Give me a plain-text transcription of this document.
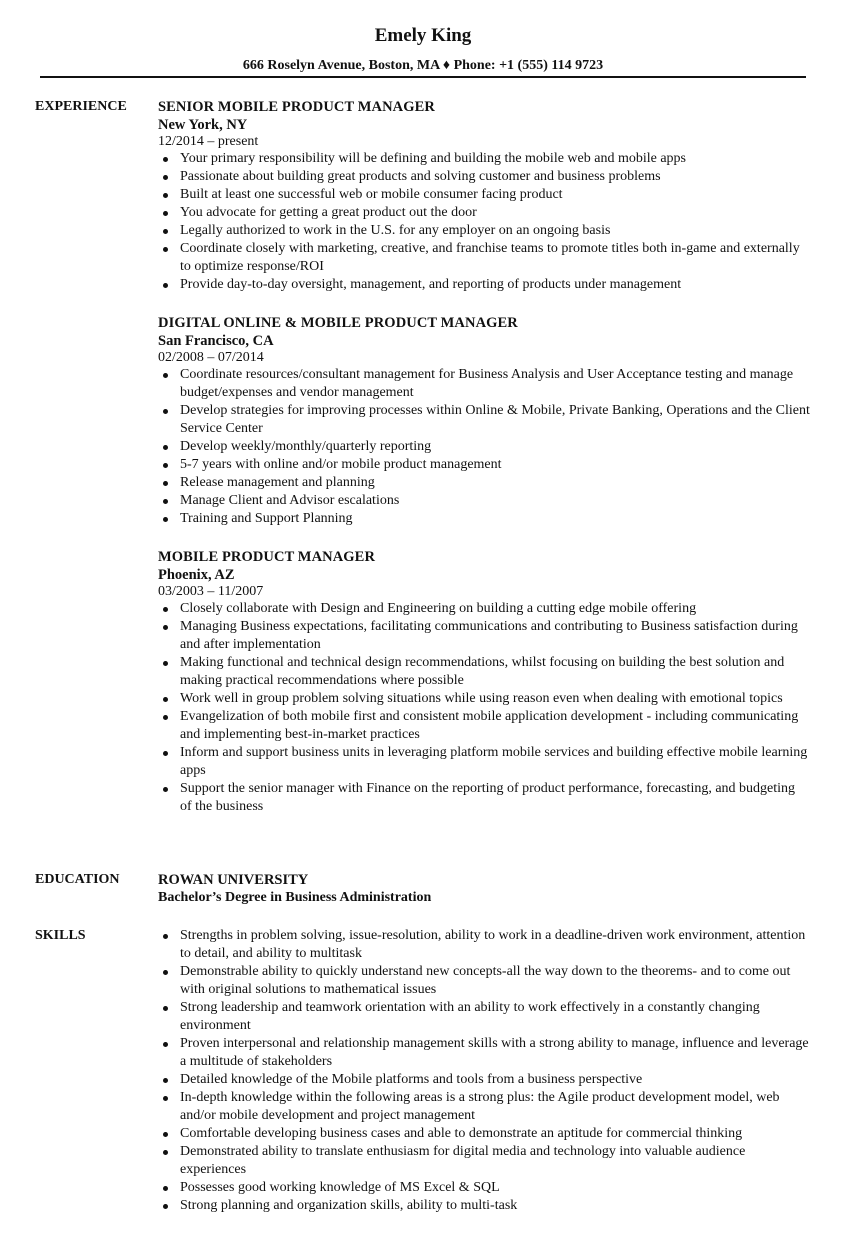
Emely King
666 Roselyn Avenue, Boston, MA ♦ Phone: +1 (555) 114 9723
EXPERIENCE SENIOR MOBILE PRODUCT MANAGER
New York, NY
12/2014 – present
Your primary responsibility will be defining and building the mobile web and mobile apps
Passionate about building great products and solving customer and business problems
Built at least one successful web or mobile consumer facing product
You advocate for getting a great product out the door
Legally authorized to work in the U.S. for any employer on an ongoing basis
Coordinate closely with marketing, creative, and franchise teams to promote titles both in-game and externally to optimize response/ROI
Provide day-to-day oversight, management, and reporting of products under management
DIGITAL ONLINE & MOBILE PRODUCT MANAGER
San Francisco, CA
02/2008 – 07/2014
Coordinate resources/consultant management for Business Analysis and User Acceptance testing and manage budget/expenses and vendor management
Develop strategies for improving processes within Online & Mobile, Private Banking, Operations and the Client Service Center
Develop weekly/monthly/quarterly reporting
5-7 years with online and/or mobile product management
Release management and planning
Manage Client and Advisor escalations
Training and Support Planning
MOBILE PRODUCT MANAGER
Phoenix, AZ
03/2003 – 11/2007
Closely collaborate with Design and Engineering on building a cutting edge mobile offering
Managing Business expectations, facilitating communications and contributing to Business satisfaction during and after implementation
Making functional and technical design recommendations, whilst focusing on building the best solution and making practical recommendations where possible
Work well in group problem solving situations while using reason even when dealing with emotional topics
Evangelization of both mobile first and consistent mobile application development - including communicating and implementing best-in-market practices
Inform and support business units in leveraging platform mobile services and building effective mobile learning apps
Support the senior manager with Finance on the reporting of product performance, forecasting, and budgeting of the business
EDUCATION	ROWAN UNIVERSITY
Bachelor’s Degree in Business Administration
SKILLS	Strengths in problem solving, issue-resolution, ability to work in a deadline-driven work environment, attention to detail, and ability to multitask
Demonstrable ability to quickly understand new concepts-all the way down to the theorems- and to come out with original solutions to mathematical issues
Strong leadership and teamwork orientation with an ability to work effectively in a constantly changing environment
Proven interpersonal and relationship management skills with a strong ability to manage, influence and leverage a multitude of stakeholders
Detailed knowledge of the Mobile platforms and tools from a business perspective
In-depth knowledge within the following areas is a strong plus: the Agile product development model, web and/or mobile development and project management
Comfortable developing business cases and able to demonstrate an aptitude for commercial thinking
Demonstrated ability to translate enthusiasm for digital media and technology into valuable audience experiences
Possesses good working knowledge of MS Excel & SQL
Strong planning and organization skills, ability to multi-task
